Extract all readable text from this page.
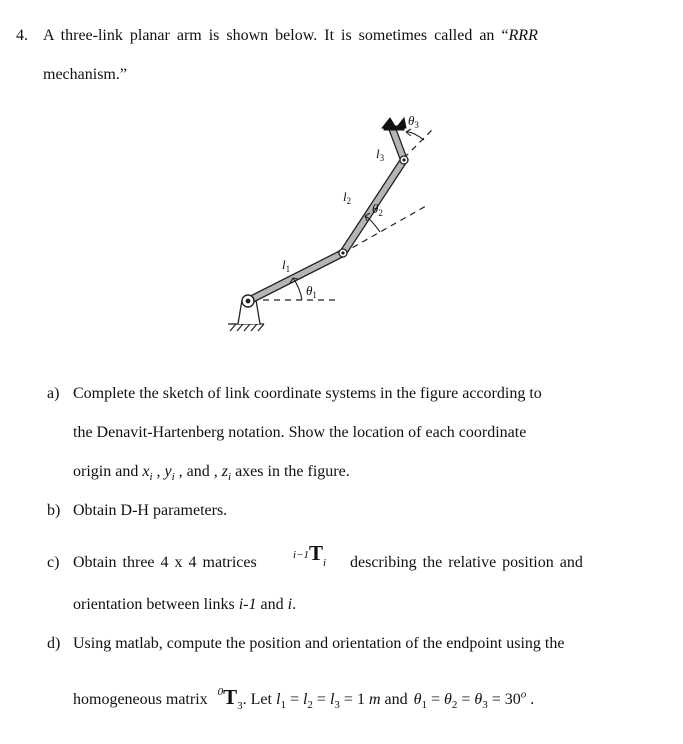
4. A three-link planar arm is shown below. It is sometimes called an “RRR
mechanism.”
$l_1$
$l_2$
$l_3$
$\theta_1$
$\theta_2$
$\theta_3$
a) Complete the sketch of link coordinate systems in the figure according to
the Denavit-Hartenberg notation. Show the location of each coordinate
origin and $x_i$ , $y_i$ , and , $z_i$ axes in the figure.
b) Obtain D-H parameters.
c) Obtain three 4 x 4 matrices	$i-1T_i$ describing the relative position and
orientation between links i-1 and i.
d) Using matlab, compute the position and orientation of the endpoint using the
homogeneous matrix $^0T_3$. Let $l_1 = l_2 = l_3 = 1$ m and $\theta_1 = \theta_2 = \theta_3 = 30^o$ .
